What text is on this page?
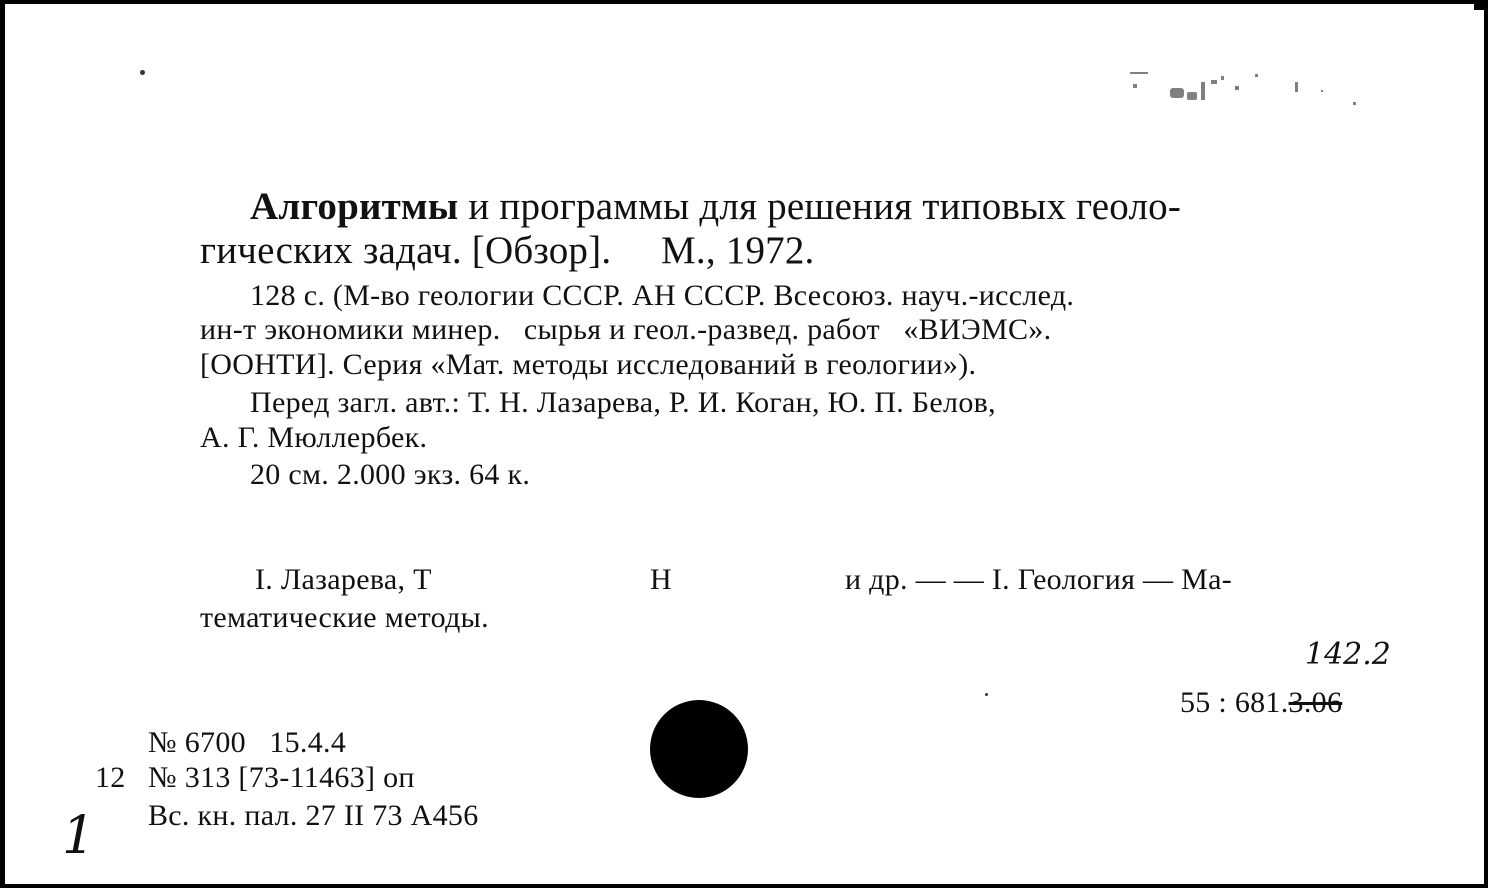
Алгоритмы и программы для решения типовых геоло-
гических задач. [Обзор].     М., 1972.
128 с. (М-во геологии СССР. АН СССР. Всесоюз. науч.-исслед.
ин-т экономики минер.   сырья и геол.-развед. работ   «ВИЭМС».
[ООНТИ]. Серия «Мат. методы исследований в геологии»).
Перед загл. авт.: Т. Н. Лазарева, Р. И. Коган, Ю. П. Белов,
А. Г. Мюллербек.
20 см. 2.000 экз. 64 к.
I. Лазарева, Т	Н	и др. — — I. Геология — Ма-
тематические методы.
142.2
55 : 681.3.06
№ 6700   15.4.4
12 № 313 [73-11463] оп
Вс. кн. пал. 27 II 73 А456
1
